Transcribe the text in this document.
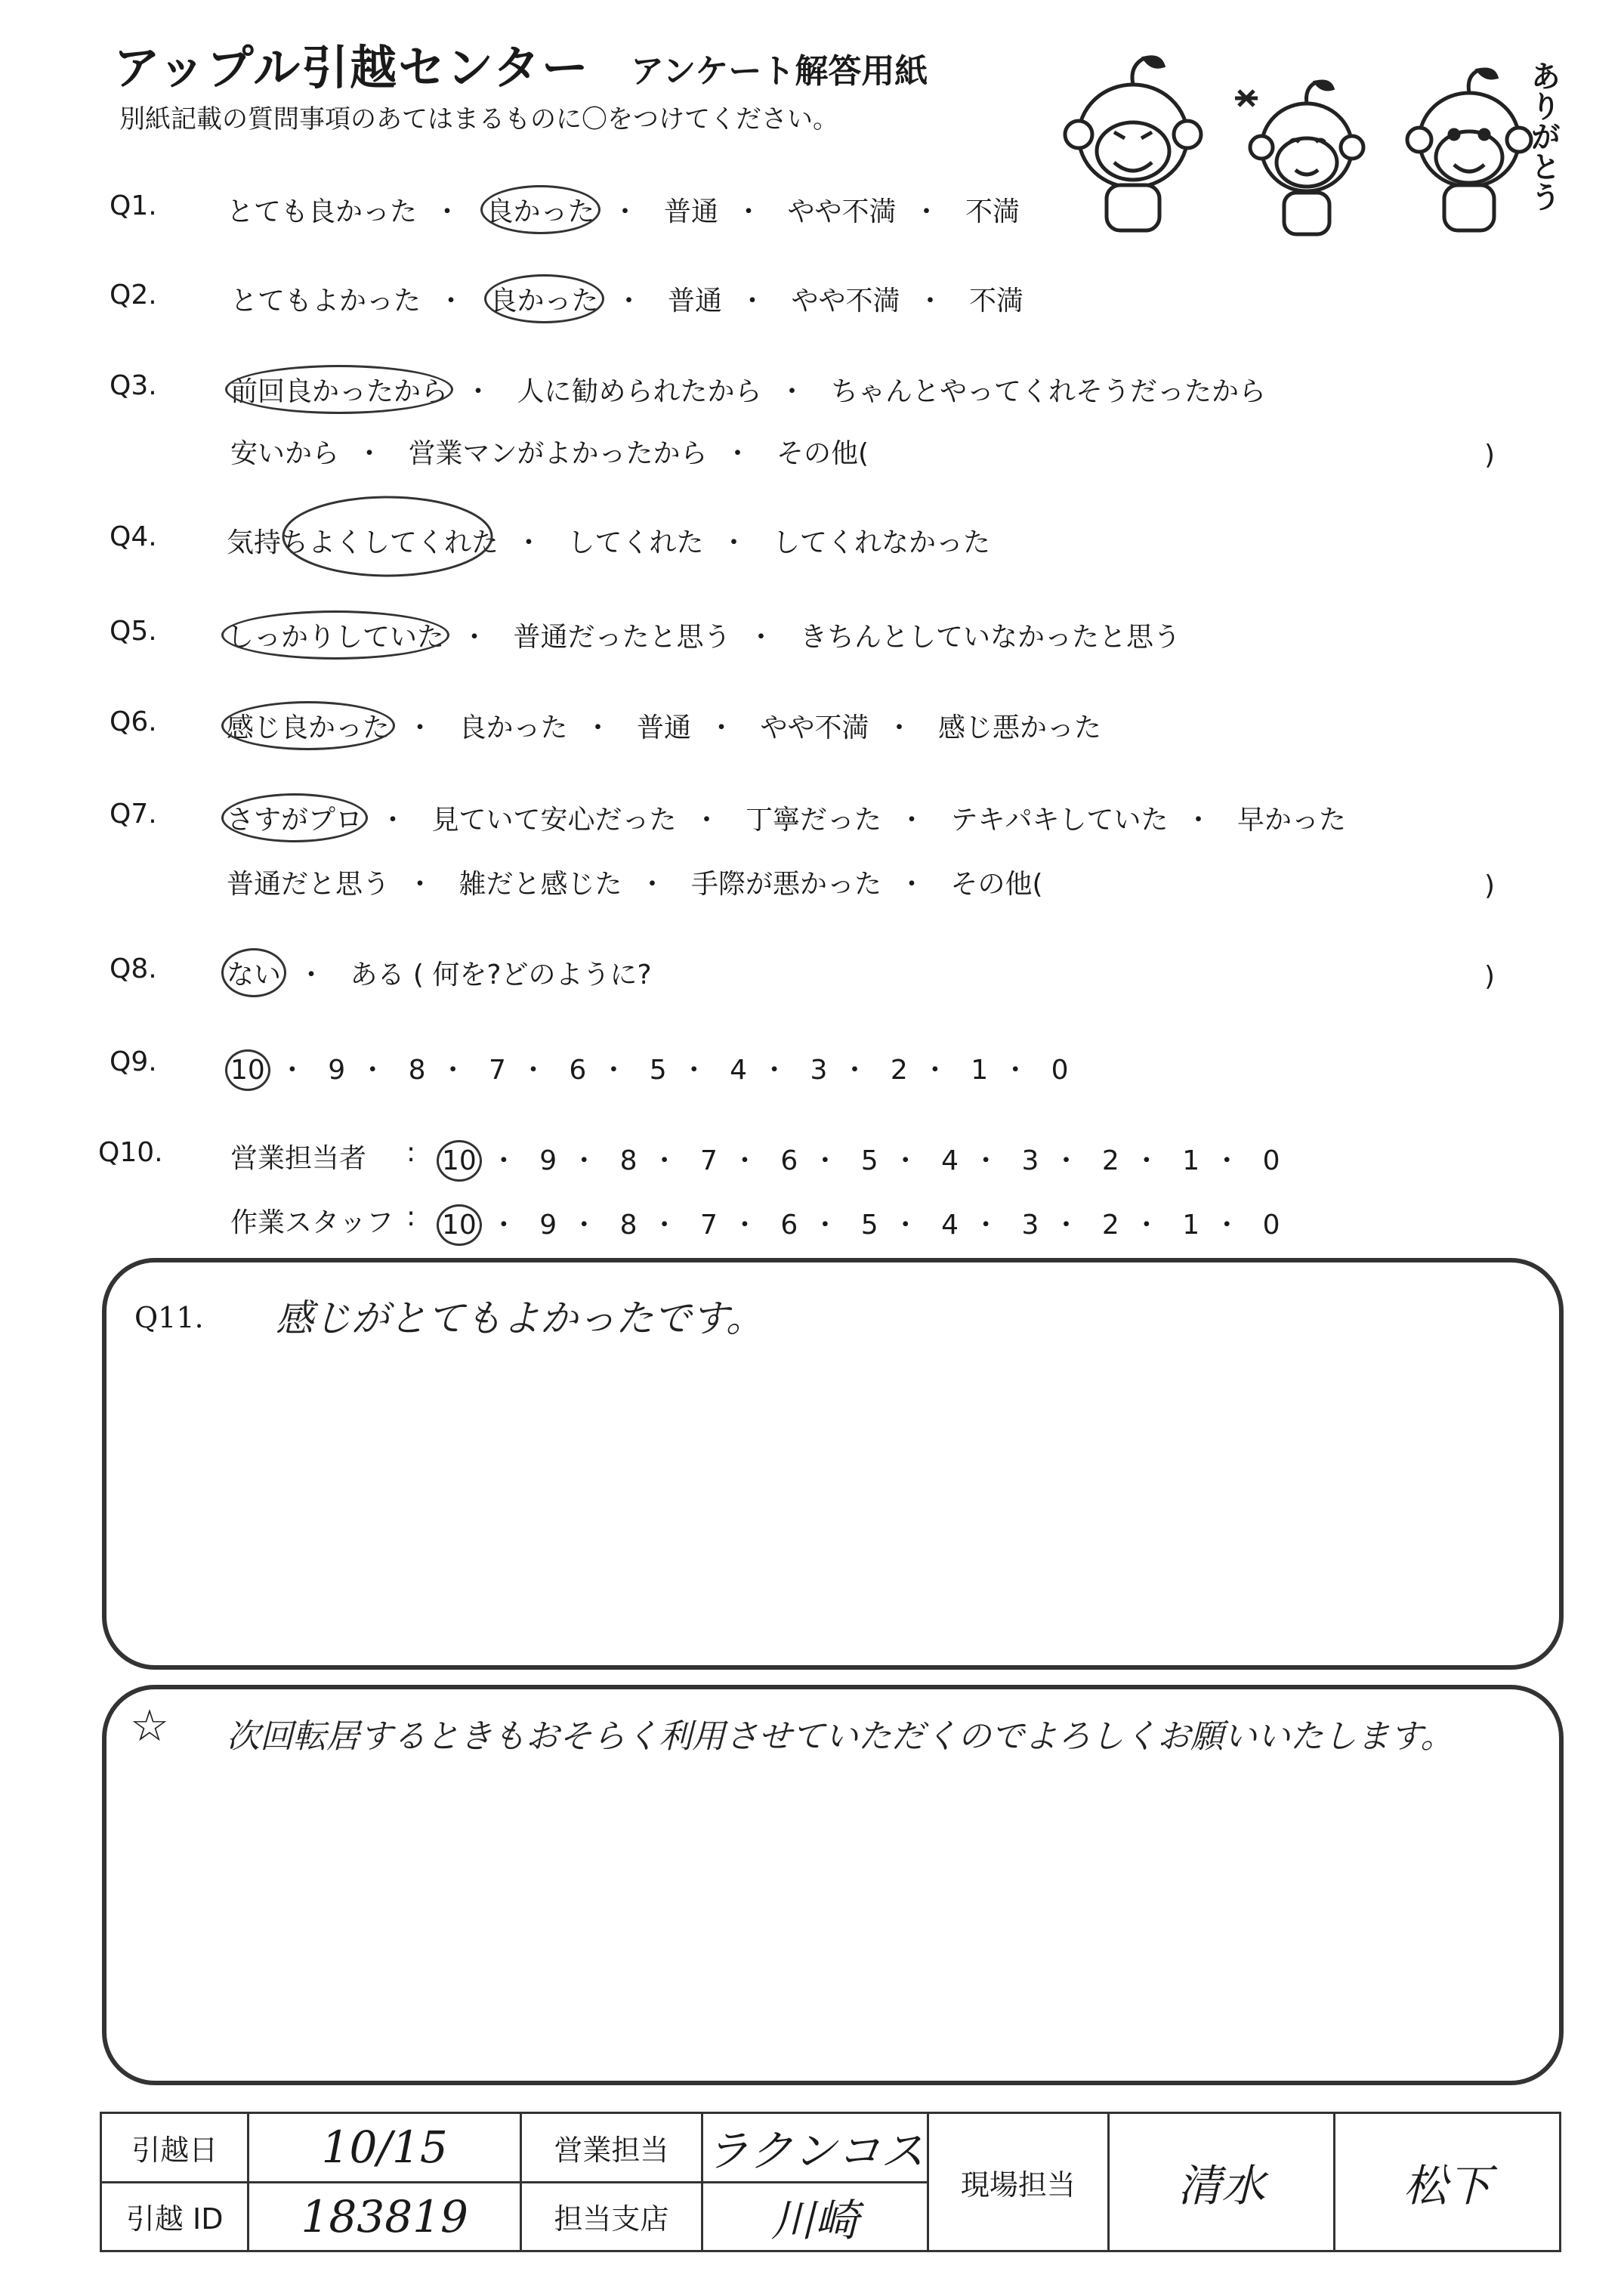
アップル引越センター アンケート解答用紙
別紙記載の質問事項のあてはまるものに〇をつけてください。	ありがとう
Q1.	とても良かった ・ 良かった ・ 普通 ・ やや不満 ・ 不満
Q2.	とてもよかった ・ 良かった ・ 普通 ・ やや不満 ・ 不満
Q3.	前回良かったから ・ 人に勧められたから ・ ちゃんとやってくれそうだったから
安いから ・ 営業マンがよかったから ・ その他(	)
Q4.	気持ちよくしてくれた ・ してくれた ・ してくれなかった
Q5.	しっかりしていた ・ 普通だったと思う ・ きちんとしていなかったと思う
Q6.	感じ良かった ・ 良かった ・ 普通 ・ やや不満 ・ 感じ悪かった
Q7.	さすがプロ ・ 見ていて安心だった ・ 丁寧だった ・ テキパキしていた ・ 早かった
普通だと思う ・ 雑だと感じた ・ 手際が悪かった ・ その他(	)
Q8.	ない ・ ある ( 何を?どのように?	)
Q9.	10 ・ 9 ・ 8 ・ 7 ・ 6 ・ 5 ・ 4 ・ 3 ・ 2 ・ 1 ・ 0
Q10. 営業担当者 : 10 ・ 9 ・ 8 ・ 7 ・ 6 ・ 5 ・ 4 ・ 3 ・ 2 ・ 1 ・ 0
作業スタッフ : 10 ・ 9 ・ 8 ・ 7 ・ 6 ・ 5 ・ 4 ・ 3 ・ 2 ・ 1 ・ 0
Q11. 感じがとてもよかったです。
☆ 次回転居するときもおそらく利用させていただくのでよろしくお願いいたします。
引越日	10/15	営業担当	ラクンコス	現場担当	清水	松下
引越 ID	183819	担当支店	川崎			
